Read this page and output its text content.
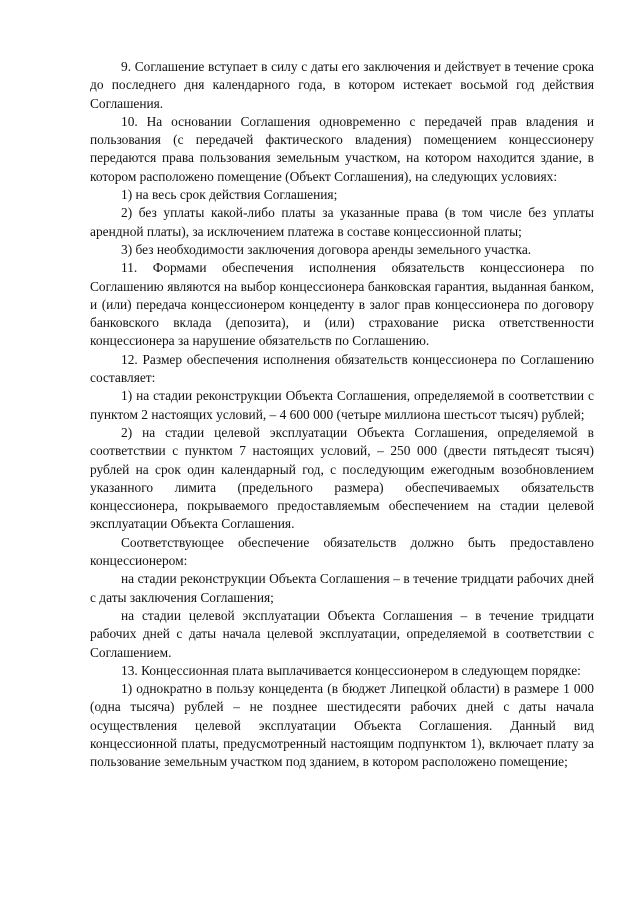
9. Соглашение вступает в силу с даты его заключения и действует в течение срока до последнего дня календарного года, в котором истекает восьмой год действия Соглашения.

10. На основании Соглашения одновременно с передачей прав владения и пользования (с передачей фактического владения) помещением концессионеру передаются права пользования земельным участком, на котором находится здание, в котором расположено помещение (Объект Соглашения), на следующих условиях:

1) на весь срок действия Соглашения;

2) без уплаты какой-либо платы за указанные права (в том числе без уплаты арендной платы), за исключением платежа в составе концессионной платы;

3) без необходимости заключения договора аренды земельного участка.

11. Формами обеспечения исполнения обязательств концессионера по Соглашению являются на выбор концессионера банковская гарантия, выданная банком, и (или) передача концессионером концеденту в залог прав концессионера по договору банковского вклада (депозита), и (или) страхование риска ответственности концессионера за нарушение обязательств по Соглашению.

12. Размер обеспечения исполнения обязательств концессионера по Соглашению составляет:

1) на стадии реконструкции Объекта Соглашения, определяемой в соответствии с пунктом 2 настоящих условий, – 4 600 000 (четыре миллиона шестьсот тысяч) рублей;

2) на стадии целевой эксплуатации Объекта Соглашения, определяемой в соответствии с пунктом 7 настоящих условий, – 250 000 (двести пятьдесят тысяч) рублей на срок один календарный год, с последующим ежегодным возобновлением указанного лимита (предельного размера) обеспечиваемых обязательств концессионера, покрываемого предоставляемым обеспечением на стадии целевой эксплуатации Объекта Соглашения.

Соответствующее обеспечение обязательств должно быть предоставлено концессионером:

на стадии реконструкции Объекта Соглашения – в течение тридцати рабочих дней с даты заключения Соглашения;

на стадии целевой эксплуатации Объекта Соглашения – в течение тридцати рабочих дней с даты начала целевой эксплуатации, определяемой в соответствии с Соглашением.

13. Концессионная плата выплачивается концессионером в следующем порядке:

1) однократно в пользу концедента (в бюджет Липецкой области) в размере 1 000 (одна тысяча) рублей – не позднее шестидесяти рабочих дней с даты начала осуществления целевой эксплуатации Объекта Соглашения. Данный вид концессионной платы, предусмотренный настоящим подпунктом 1), включает плату за пользование земельным участком под зданием, в котором расположено помещение;
